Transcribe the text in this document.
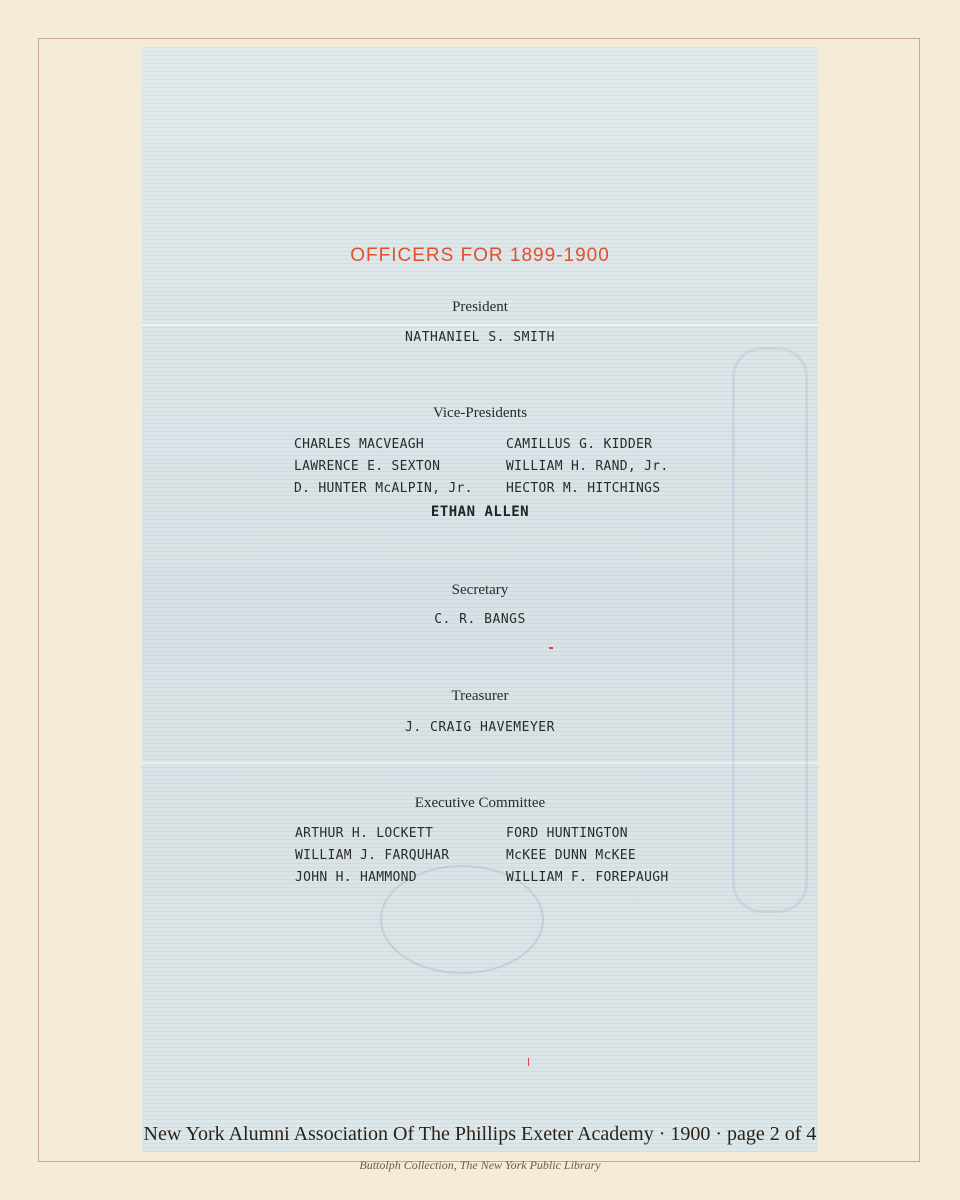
OFFICERS FOR 1899-1900
President
NATHANIEL S. SMITH
Vice-Presidents
CHARLES MACVEAGH
LAWRENCE E. SEXTON
D. HUNTER McALPIN, Jr.
CAMILLUS G. KIDDER
WILLIAM H. RAND, Jr.
HECTOR M. HITCHINGS
ETHAN ALLEN
Secretary
C. R. BANGS
Treasurer
J. CRAIG HAVEMEYER
Executive Committee
ARTHUR H. LOCKETT
WILLIAM J. FARQUHAR
JOHN H. HAMMOND
FORD HUNTINGTON
McKEE DUNN McKEE
WILLIAM F. FOREPAUGH
New York Alumni Association Of The Phillips Exeter Academy · 1900 · page 2 of 4
Buttolph Collection, The New York Public Library
